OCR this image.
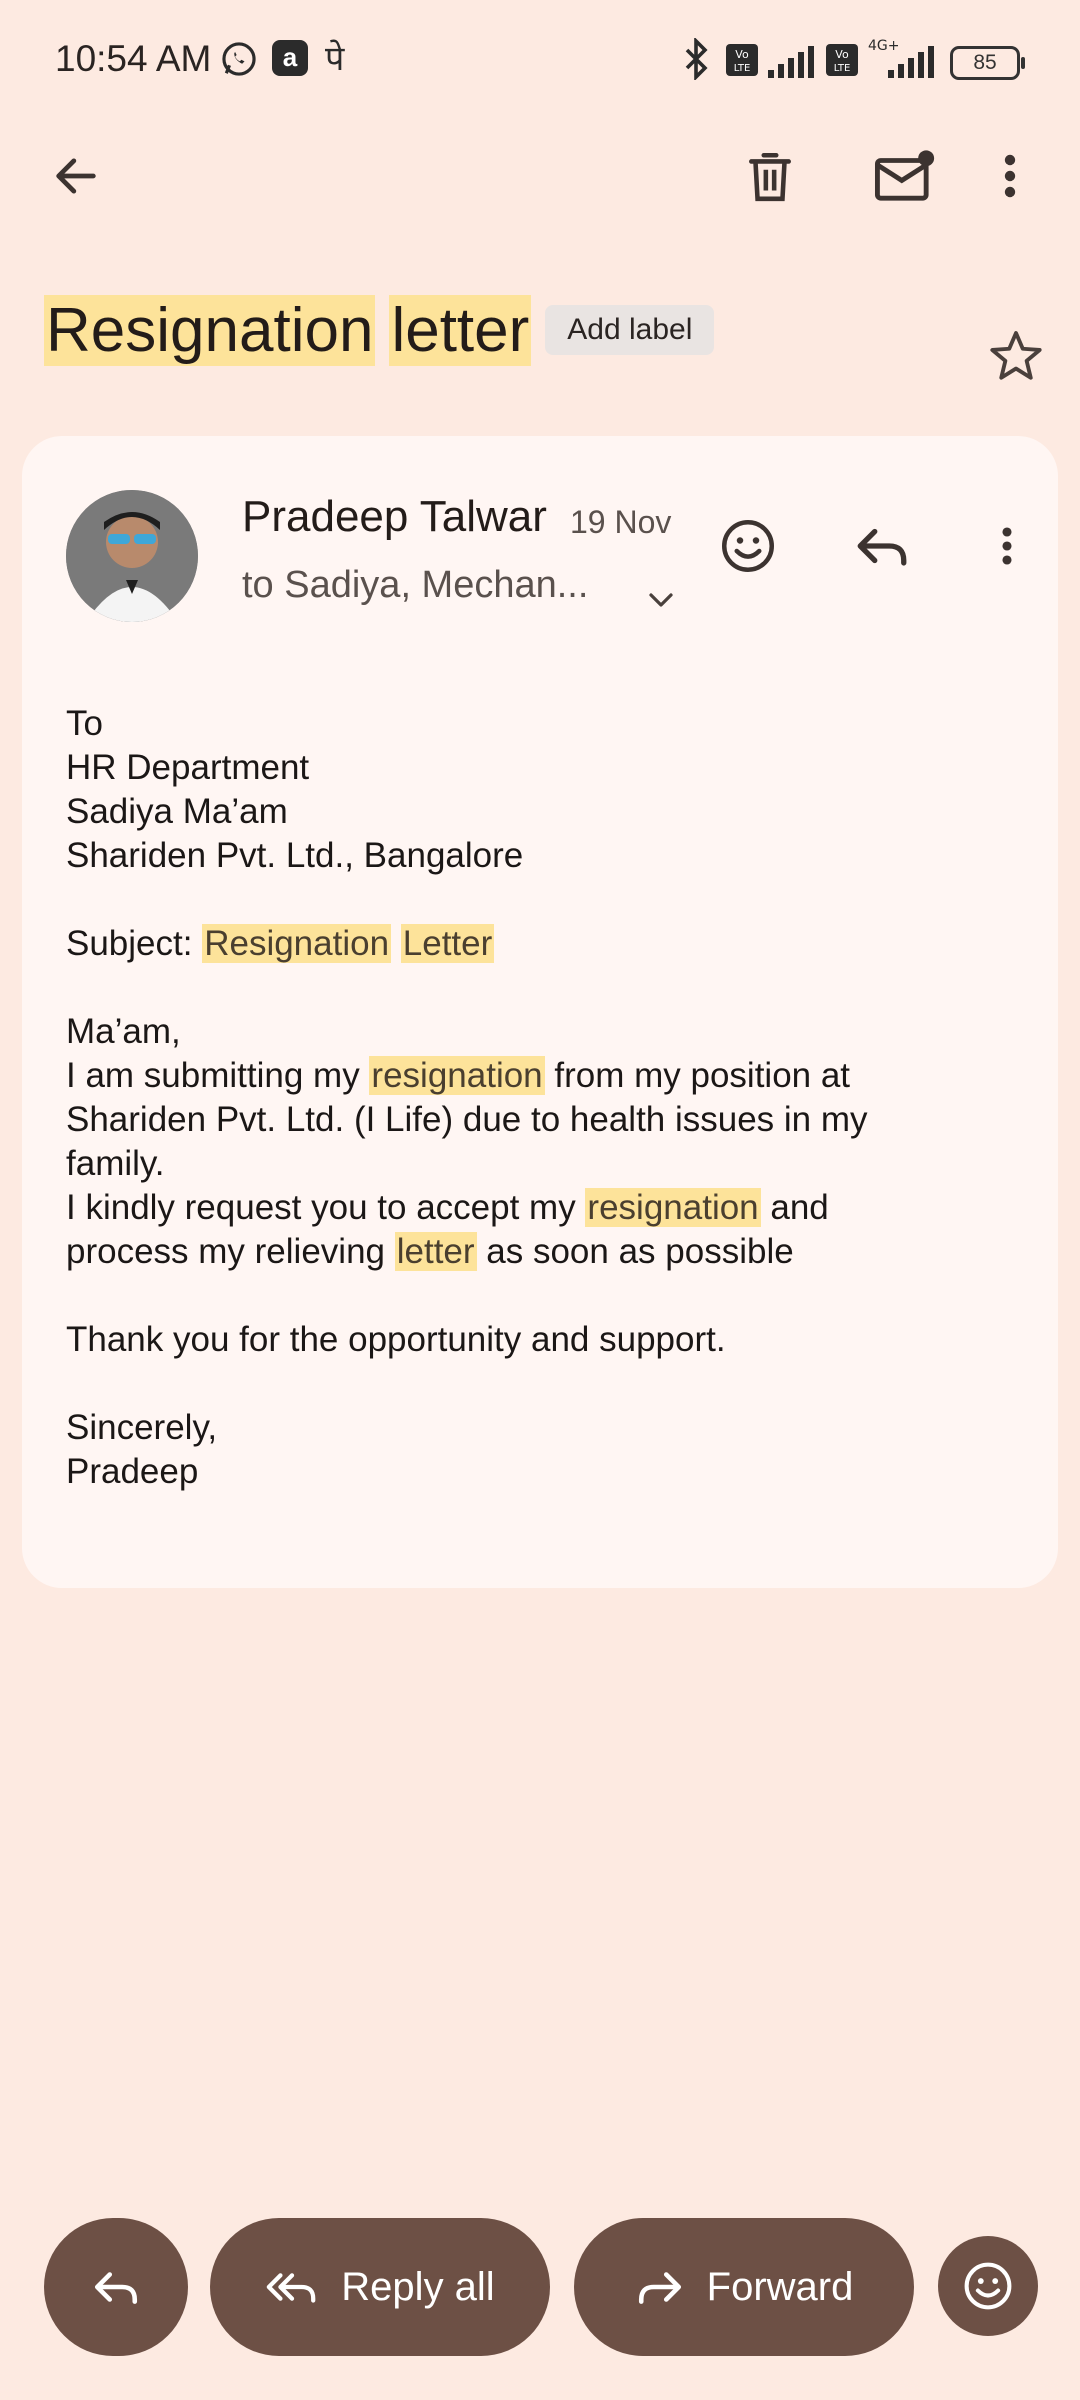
10:54 AM	a पे	Vo
LTE
Vo
LTE
4G+
85
Resignation letter	Add label
Pradeep Talwar 19 Nov
to Sadiya, Mechan...

To

HR Department

Sadiya Ma’am

Shariden Pvt. Ltd., Bangalore

Subject: Resignation Letter

Ma’am,

I am submitting my resignation from my position at

Shariden Pvt. Ltd. (I Life) due to health issues in my

family.

I kindly request you to accept my resignation and

process my relieving letter as soon as possible

Thank you for the opportunity and support.

Sincerely,

Pradeep

Reply all	Forward
